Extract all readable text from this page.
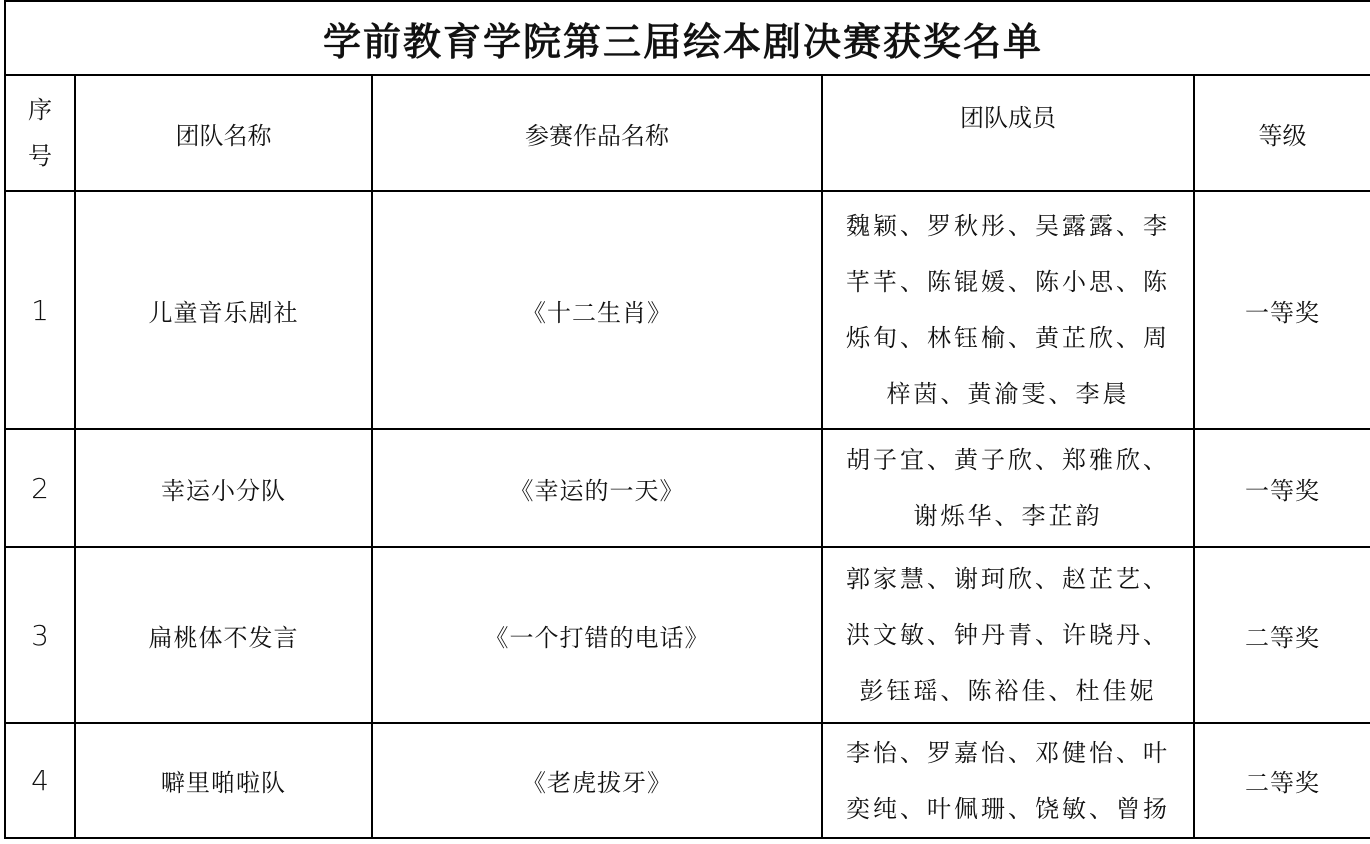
学前教育学院第三届绘本剧决赛获奖名单				

序
号	团队名称	参赛作品名称	团队成员	等级
1	儿童音乐剧社	《十二生肖》	魏颖、罗秋彤、吴露露、李
芊芊、陈锟媛、陈小思、陈
烁旬、林钰榆、黄芷欣、周
梓茵、黄渝雯、李晨	一等奖
2	幸运小分队	《幸运的一天》	胡子宜、黄子欣、郑雅欣、
谢烁华、李芷韵	一等奖
3	扁桃体不发言	《一个打错的电话》	郭家慧、谢珂欣、赵芷艺、
洪文敏、钟丹青、许晓丹、
彭钰瑶、陈裕佳、杜佳妮	二等奖
4	噼里啪啦队	《老虎拔牙》	李怡、罗嘉怡、邓健怡、叶
奕纯、叶佩珊、饶敏、曾扬	二等奖
